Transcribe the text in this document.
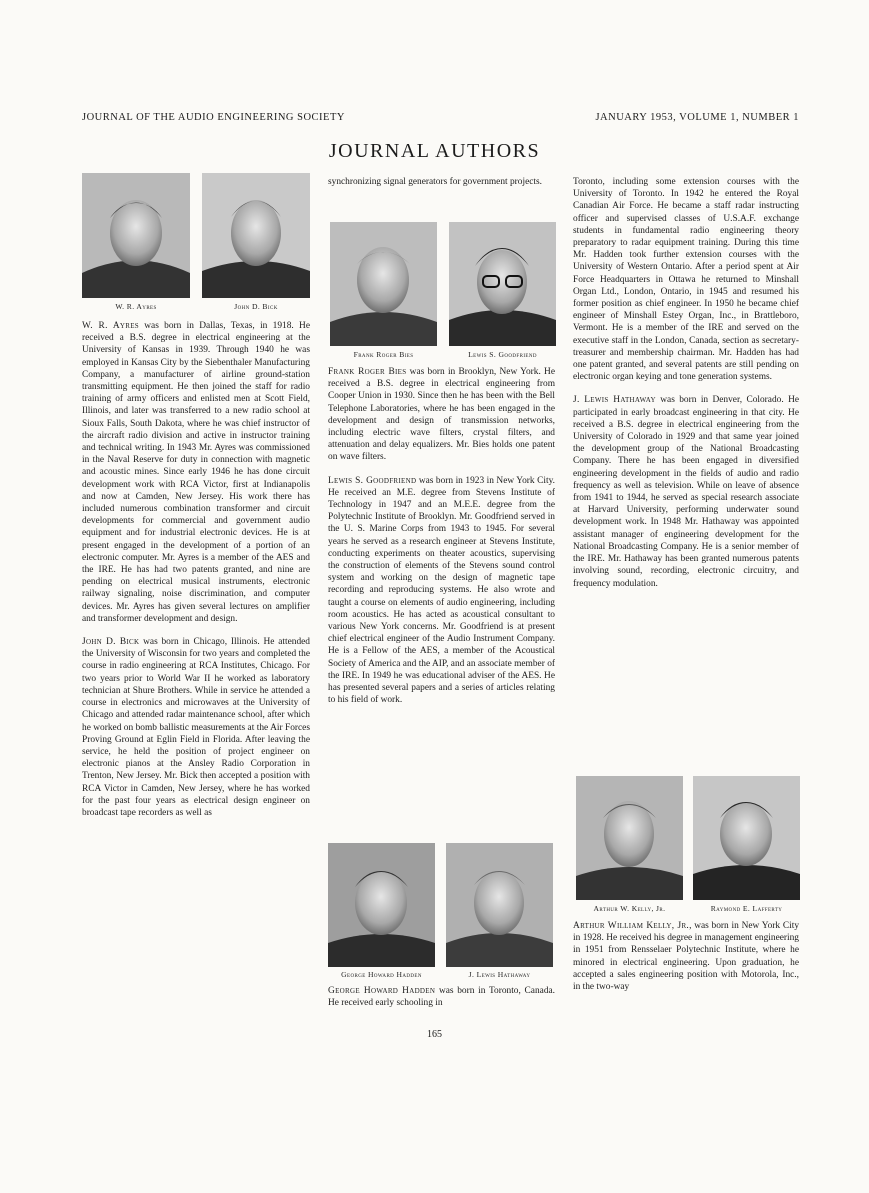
JOURNAL OF THE AUDIO ENGINEERING SOCIETY	JANUARY 1953, VOLUME 1, NUMBER 1
JOURNAL AUTHORS
W. R. Ayres	John D. Bick

W. R. Ayres was born in Dallas, Texas, in 1918. He received a B.S. degree in electrical engineering at the University of Kansas in 1939. Through 1940 he was employed in Kansas City by the Siebenthaler Manufacturing Company, a manufacturer of airline ground-station transmitting equipment. He then joined the staff for radio training of army officers and enlisted men at Scott Field, Illinois, and later was transferred to a new radio school at Sioux Falls, South Dakota, where he was chief instructor of the aircraft radio division and active in instructor training and technical writing. In 1943 Mr. Ayres was commissioned in the Naval Reserve for duty in connection with magnetic and acoustic mines. Since early 1946 he has done circuit development work with RCA Victor, first at Indianapolis and now at Camden, New Jersey. His work there has included numerous combination transformer and circuit developments for commercial and government audio equipment and for industrial electronic devices. He is at present engaged in the development of a portion of an electronic computer. Mr. Ayres is a member of the AES and the IRE. He has had two patents granted, and nine are pending on electrical musical instruments, electronic railway signaling, noise discrimination, and computer devices. Mr. Ayres has given several lectures on amplifier and transformer development and design.

John D. Bick was born in Chicago, Illinois. He attended the University of Wisconsin for two years and completed the course in radio engineering at RCA Institutes, Chicago. For two years prior to World War II he worked as laboratory technician at Shure Brothers. While in service he attended a course in electronics and microwaves at the University of Chicago and attended radar maintenance school, after which he worked on bomb ballistic measurements at the Air Forces Proving Ground at Eglin Field in Florida. After leaving the service, he held the position of project engineer on electronic pianos at the Ansley Radio Corporation in Trenton, New Jersey. Mr. Bick then accepted a position with RCA Victor in Camden, New Jersey, where he has worked for the past four years as electrical design engineer on broadcast tape recorders as well as

synchronizing signal generators for government projects.

Frank Roger Bies	Lewis S. Goodfriend

Frank Roger Bies was born in Brooklyn, New York. He received a B.S. degree in electrical engineering from Cooper Union in 1930. Since then he has been with the Bell Telephone Laboratories, where he has been engaged in the development and design of transmission networks, including electric wave filters, crystal filters, and attenuation and delay equalizers. Mr. Bies holds one patent on wave filters.

Lewis S. Goodfriend was born in 1923 in New York City. He received an M.E. degree from Stevens Institute of Technology in 1947 and an M.E.E. degree from the Polytechnic Institute of Brooklyn. Mr. Goodfriend served in the U. S. Marine Corps from 1943 to 1945. For several years he served as a research engineer at Stevens Institute, conducting experiments on theater acoustics, supervising the construction of elements of the Stevens sound control system and working on the design of magnetic tape recording and reproducing systems. He also wrote and taught a course on elements of audio engineering, including room acoustics. He has acted as acoustical consultant to various New York concerns. Mr. Goodfriend is at present chief electrical engineer of the Audio Instrument Company. He is a Fellow of the AES, a member of the Acoustical Society of America and the AIP, and an associate member of the IRE. In 1949 he was educational adviser of the AES. He has presented several papers and a series of articles relating to his field of work.

George Howard Hadden	J. Lewis Hathaway

George Howard Hadden was born in Toronto, Canada. He received early schooling in

Toronto, including some extension courses with the University of Toronto. In 1942 he entered the Royal Canadian Air Force. He became a staff radar instructing officer and supervised classes of U.S.A.F. exchange students in fundamental radio engineering theory preparatory to radar equipment training. During this time Mr. Hadden took further extension courses with the University of Western Ontario. After a period spent at Air Force Headquarters in Ottawa he returned to Minshall Organ Ltd., London, Ontario, in 1945 and resumed his former position as chief engineer. In 1950 he became chief engineer of Minshall Estey Organ, Inc., in Brattleboro, Vermont. He is a member of the IRE and served on the executive staff in the London, Canada, section as secretary-treasurer and membership chairman. Mr. Hadden has had one patent granted, and several patents are still pending on electronic organ keying and tone generation systems.

J. Lewis Hathaway was born in Denver, Colorado. He participated in early broadcast engineering in that city. He received a B.S. degree in electrical engineering from the University of Colorado in 1929 and that same year joined the development group of the National Broadcasting Company. There he has been engaged in diversified engineering development in the fields of audio and radio frequency as well as television. While on leave of absence from 1941 to 1944, he served as special research associate at Harvard University, performing underwater sound development work. In 1948 Mr. Hathaway was appointed assistant manager of engineering development for the National Broadcasting Company. He is a senior member of the IRE. Mr. Hathaway has been granted numerous patents involving sound, recording, electronic circuitry, and frequency modulation.

Arthur W. Kelly, Jr.	Raymond E. Lafferty

Arthur William Kelly, Jr., was born in New York City in 1928. He received his degree in management engineering in 1951 from Rensselaer Polytechnic Institute, where he minored in electrical engineering. Upon graduation, he accepted a sales engineering position with Motorola, Inc., in the two-way

165
